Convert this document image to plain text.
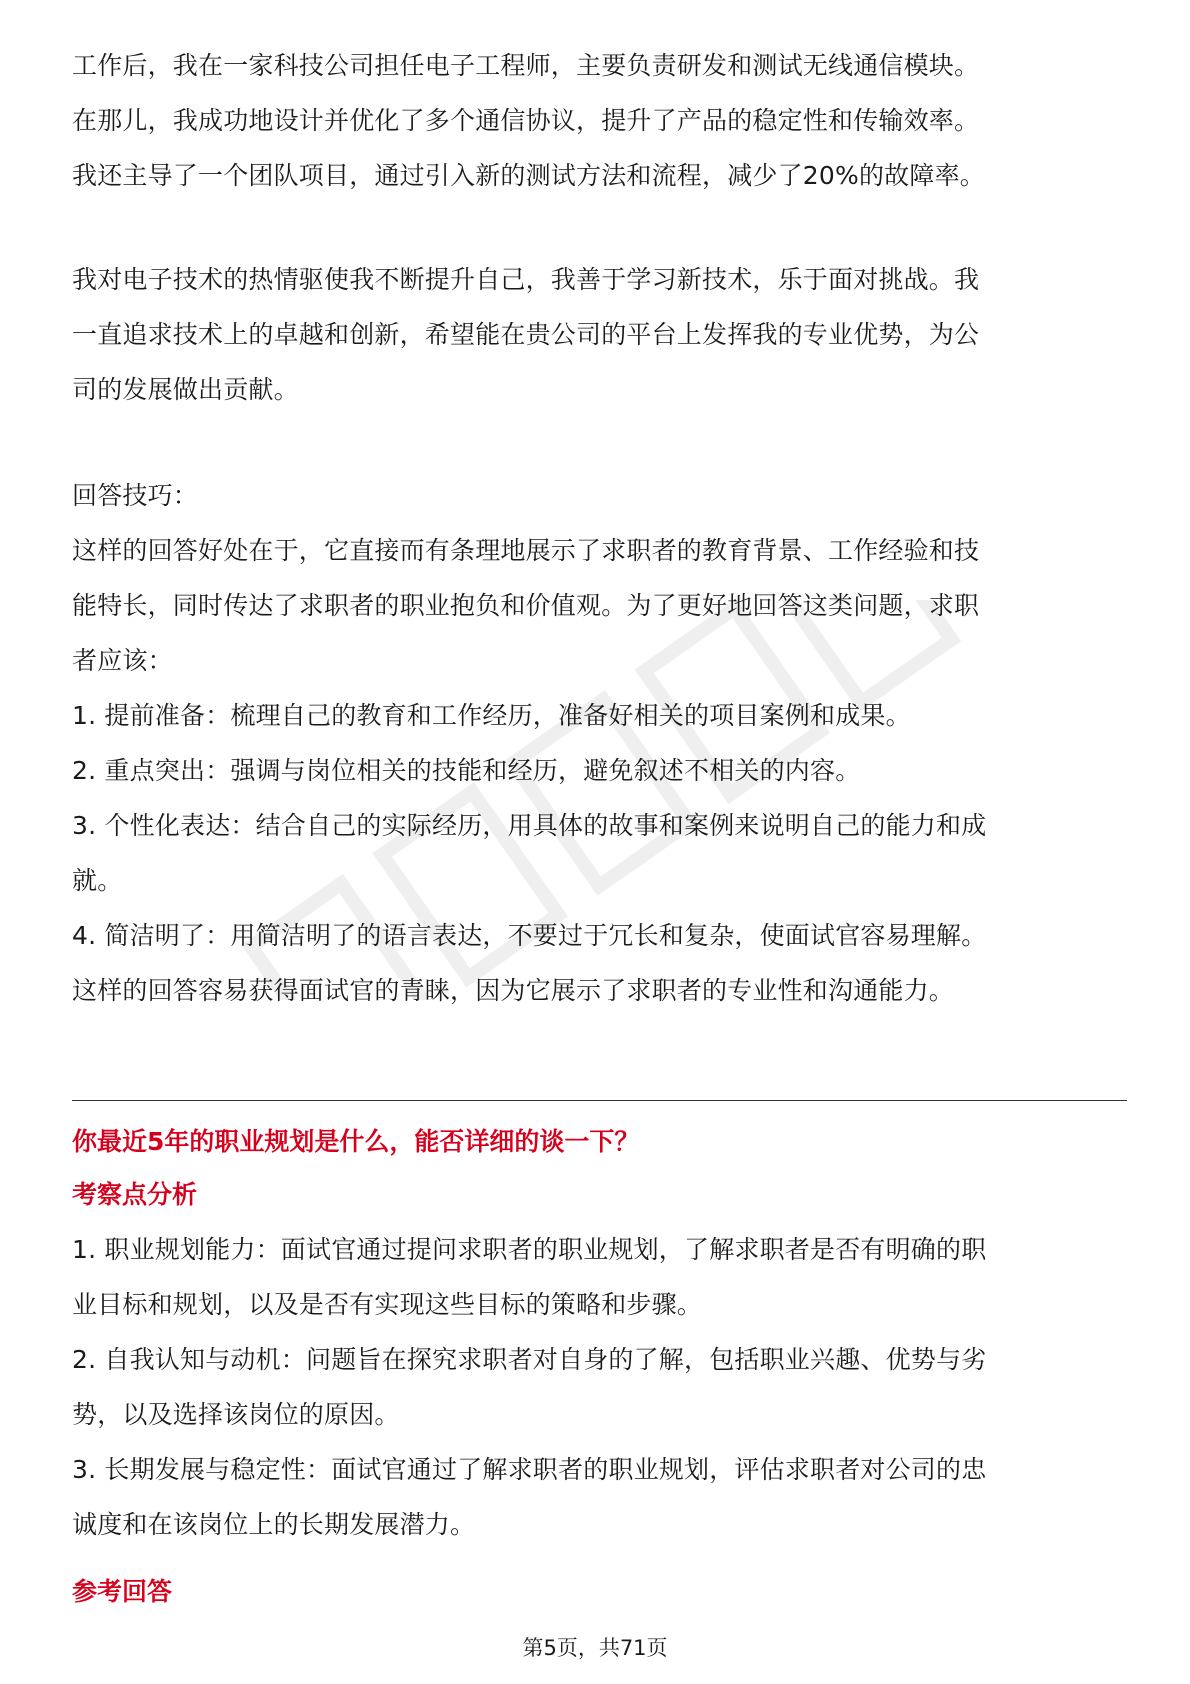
工作后，我在一家科技公司担任电子工程师，主要负责研发和测试无线通信模块。
在那儿，我成功地设计并优化了多个通信协议，提升了产品的稳定性和传输效率。
我还主导了一个团队项目，通过引入新的测试方法和流程，减少了20%的故障率。

我对电子技术的热情驱使我不断提升自己，我善于学习新技术，乐于面对挑战。我
一直追求技术上的卓越和创新，希望能在贵公司的平台上发挥我的专业优势，为公
司的发展做出贡献。

回答技巧：

这样的回答好处在于，它直接而有条理地展示了求职者的教育背景、工作经验和技
能特长，同时传达了求职者的职业抱负和价值观。为了更好地回答这类问题，求职
者应该：

1. 提前准备：梳理自己的教育和工作经历，准备好相关的项目案例和成果。

2. 重点突出：强调与岗位相关的技能和经历，避免叙述不相关的内容。

3. 个性化表达：结合自己的实际经历，用具体的故事和案例来说明自己的能力和成
就。

4. 简洁明了：用简洁明了的语言表达，不要过于冗长和复杂，使面试官容易理解。

这样的回答容易获得面试官的青睐，因为它展示了求职者的专业性和沟通能力。

你最近5年的职业规划是什么，能否详细的谈一下？

考察点分析

1. 职业规划能力：面试官通过提问求职者的职业规划，了解求职者是否有明确的职
业目标和规划，以及是否有实现这些目标的策略和步骤。

2. 自我认知与动机：问题旨在探究求职者对自身的了解，包括职业兴趣、优势与劣
势，以及选择该岗位的原因。

3. 长期发展与稳定性：面试官通过了解求职者的职业规划，评估求职者对公司的忠
诚度和在该岗位上的长期发展潜力。

参考回答

第5页，共71页
